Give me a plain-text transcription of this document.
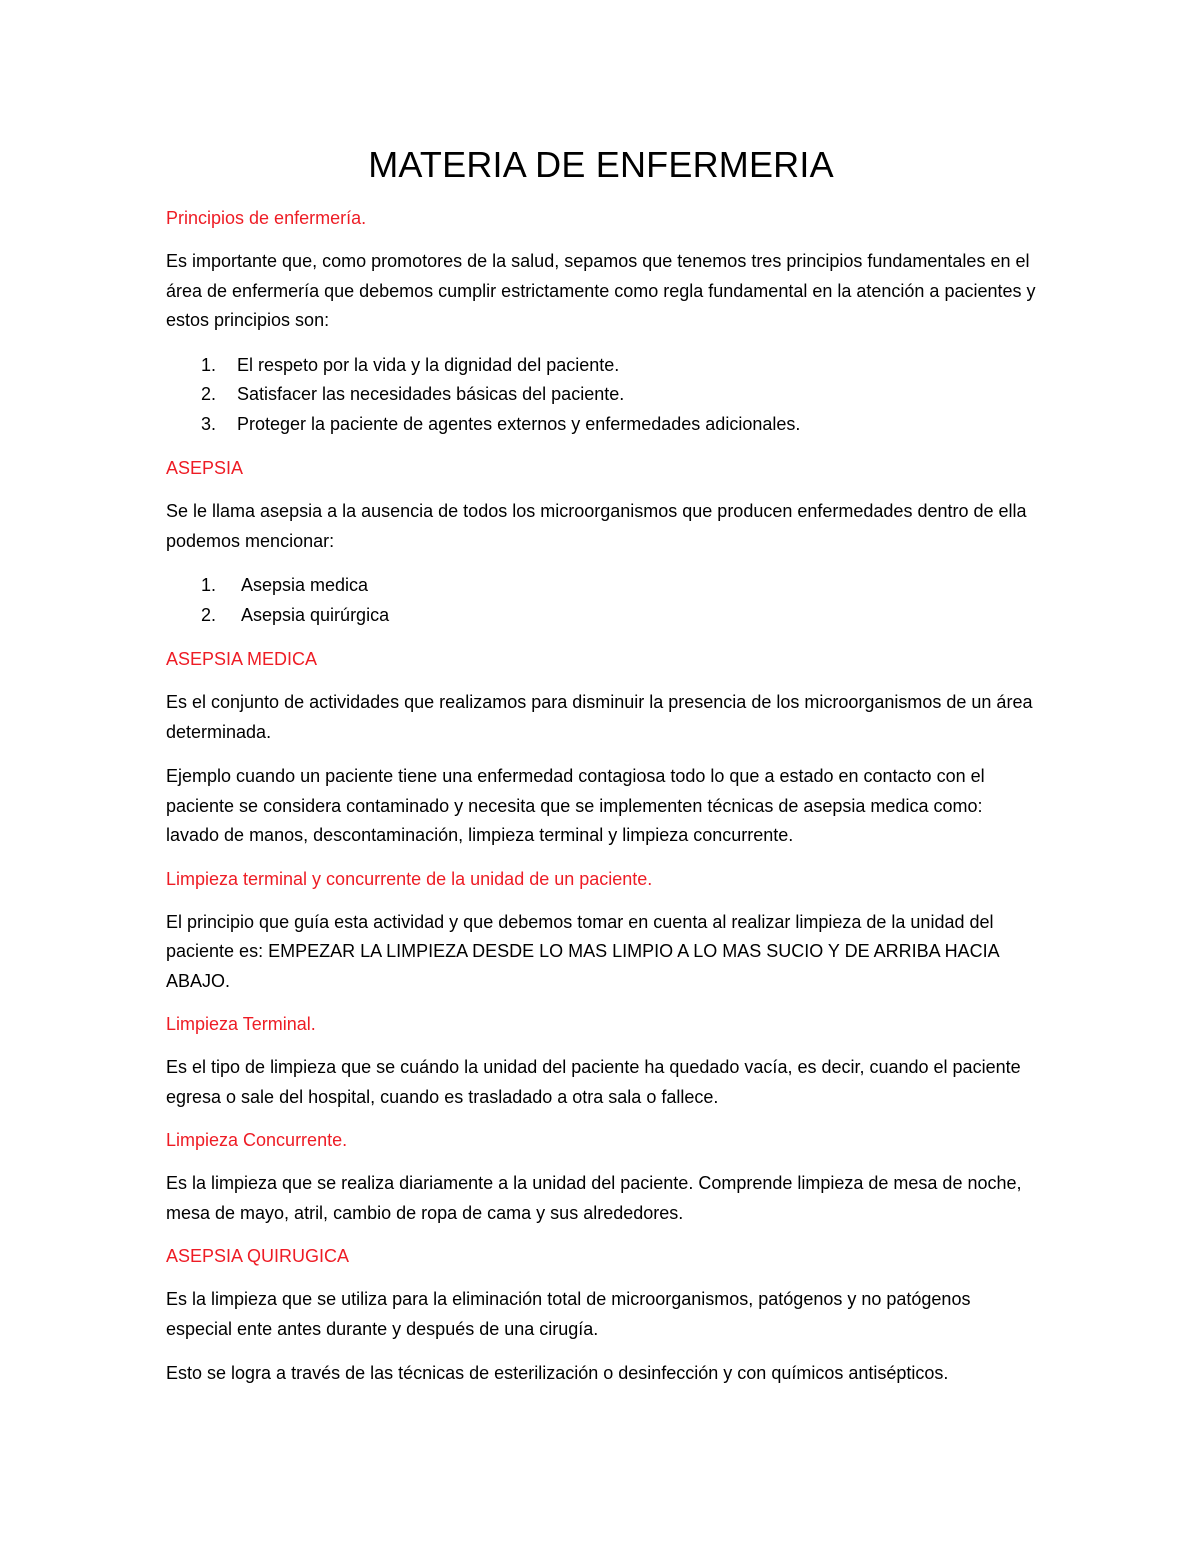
MATERIA DE ENFERMERIA
Principios de enfermería.

Es importante que, como promotores de la salud, sepamos que tenemos tres principios fundamentales en el área de enfermería que debemos cumplir estrictamente como regla fundamental en la atención a pacientes y estos principios son:

1. El respeto por la vida y la dignidad del paciente.
2. Satisfacer las necesidades básicas del paciente.
3. Proteger la paciente de agentes externos y enfermedades adicionales.
ASEPSIA

Se le llama asepsia a la ausencia de todos los microorganismos que producen enfermedades dentro de ella podemos mencionar:

1. Asepsia medica
2. Asepsia quirúrgica
ASEPSIA MEDICA

Es el conjunto de actividades que realizamos para disminuir la presencia de los microorganismos de un área determinada.

Ejemplo cuando un paciente tiene una enfermedad contagiosa todo lo que a estado en contacto con el paciente se considera contaminado y necesita que se implementen técnicas de asepsia medica como: lavado de manos, descontaminación, limpieza terminal y limpieza concurrente.

Limpieza terminal y concurrente de la unidad de un paciente.

El principio que guía esta actividad y que debemos tomar en cuenta al realizar limpieza de la unidad del paciente es: EMPEZAR LA LIMPIEZA DESDE LO MAS LIMPIO A LO MAS SUCIO Y DE ARRIBA HACIA ABAJO.

Limpieza Terminal.

Es el tipo de limpieza que se cuándo la unidad del paciente ha quedado vacía, es decir, cuando el paciente egresa o sale del hospital, cuando es trasladado a otra sala o fallece.

Limpieza Concurrente.

Es la limpieza que se realiza diariamente a la unidad del paciente. Comprende limpieza de mesa de noche, mesa de mayo, atril, cambio de ropa de cama y sus alrededores.

ASEPSIA QUIRUGICA

Es la limpieza que se utiliza para la eliminación total de microorganismos, patógenos y no patógenos especial ente antes durante y después de una cirugía.

Esto se logra a través de las técnicas de esterilización o desinfección y con químicos antisépticos.
